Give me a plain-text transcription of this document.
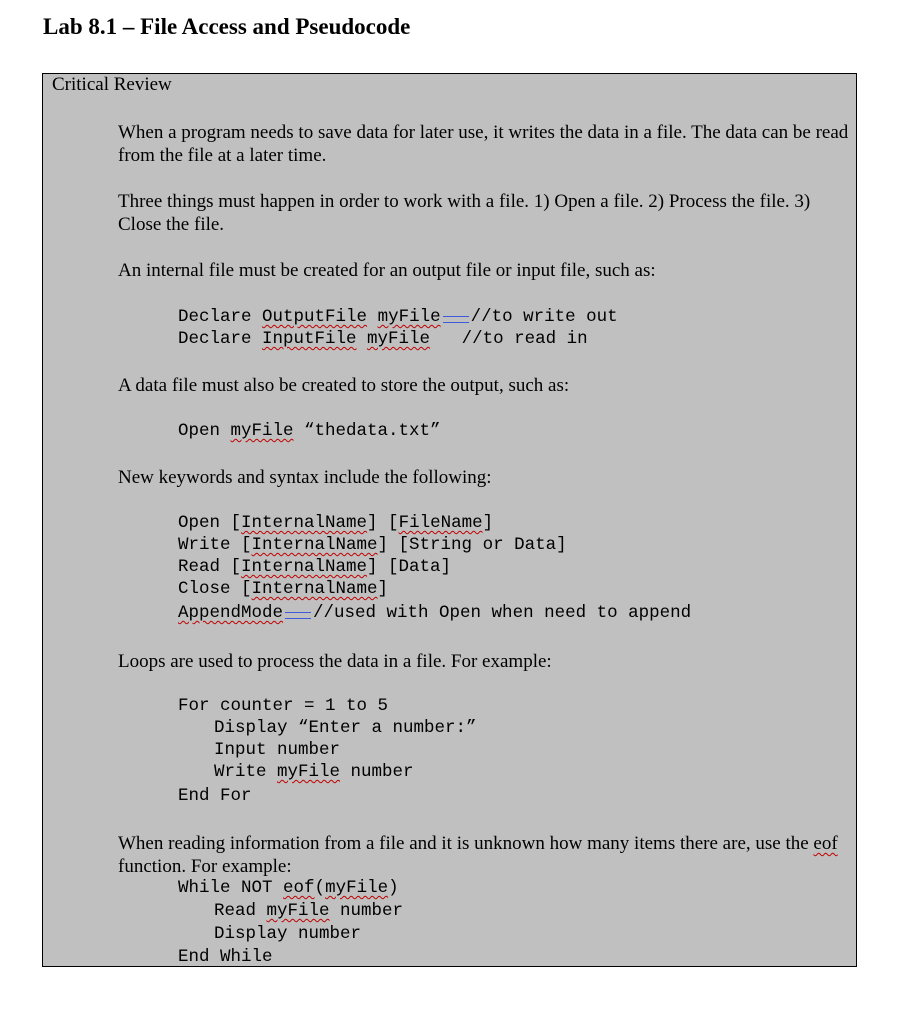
Lab 8.1 – File Access and Pseudocode
Critical Review
When a program needs to save data for later use, it writes the data in a file. The data can be read from the file at a later time.
Three things must happen in order to work with a file. 1) Open a file. 2) Process the file. 3) Close the file.
An internal file must be created for an output file or input file, such as:
Declare OutputFile myFile //to write out
Declare InputFile myFile //to read in
A data file must also be created to store the output, such as:
Open myFile “thedata.txt”
New keywords and syntax include the following:
Open [InternalName] [FileName]
Write [InternalName] [String or Data]
Read [InternalName] [Data]
Close [InternalName]
AppendMode //used with Open when need to append
Loops are used to process the data in a file. For example:
For counter = 1 to 5
Display “Enter a number:”
Input number
Write myFile number
End For
When reading information from a file and it is unknown how many items there are, use the eof function. For example:
While NOT eof(myFile)
Read myFile number
Display number
End While
